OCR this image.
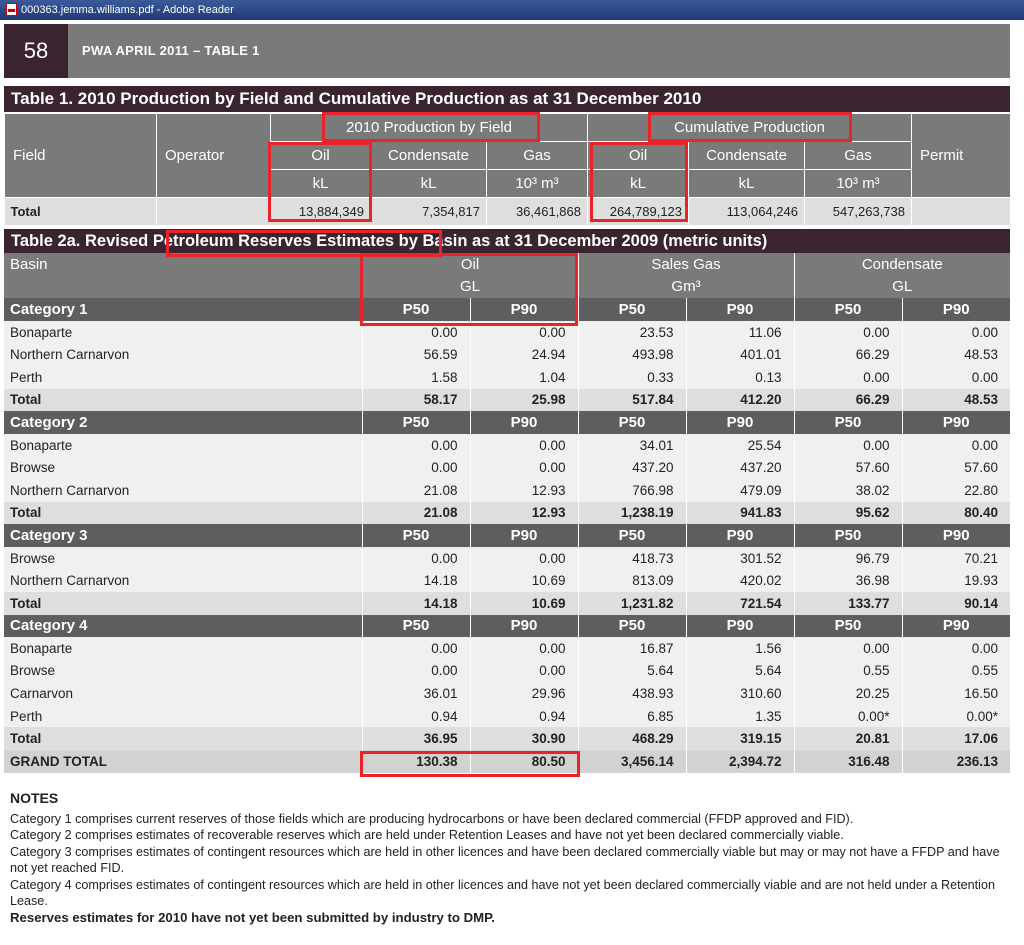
000363.jemma.williams.pdf - Adobe Reader
58	PWA APRIL 2011 – TABLE 1
Table 1. 2010 Production by Field and Cumulative Production as at 31 December 2010
Field	Operator	2010 Production by Field			Cumulative Production			Permit
		Oil	Condensate	Gas	Oil	Condensate	Gas	
		kL	kL	10³ m³	kL	kL	10³ m³	
Total		13,884,349	7,354,817	36,461,868	264,789,123	113,064,246	547,263,738	
Table 2a. Revised Petroleum Reserves Estimates by Basin as at 31 December 2009 (metric units)
Basin	Oil		Sales Gas		Condensate	
	GL		Gm³		GL	
Category 1	P50	P90	P50	P90	P50	P90
Bonaparte	0.00	0.00	23.53	11.06	0.00	0.00
Northern Carnarvon	56.59	24.94	493.98	401.01	66.29	48.53
Perth	1.58	1.04	0.33	0.13	0.00	0.00
Total	58.17	25.98	517.84	412.20	66.29	48.53
Category 2	P50	P90	P50	P90	P50	P90
Bonaparte	0.00	0.00	34.01	25.54	0.00	0.00
Browse	0.00	0.00	437.20	437.20	57.60	57.60
Northern Carnarvon	21.08	12.93	766.98	479.09	38.02	22.80
Total	21.08	12.93	1,238.19	941.83	95.62	80.40
Category 3	P50	P90	P50	P90	P50	P90
Browse	0.00	0.00	418.73	301.52	96.79	70.21
Northern Carnarvon	14.18	10.69	813.09	420.02	36.98	19.93
Total	14.18	10.69	1,231.82	721.54	133.77	90.14
Category 4	P50	P90	P50	P90	P50	P90
Bonaparte	0.00	0.00	16.87	1.56	0.00	0.00
Browse	0.00	0.00	5.64	5.64	0.55	0.55
Carnarvon	36.01	29.96	438.93	310.60	20.25	16.50
Perth	0.94	0.94	6.85	1.35	0.00*	0.00*
Total	36.95	30.90	468.29	319.15	20.81	17.06
GRAND TOTAL	130.38	80.50	3,456.14	2,394.72	316.48	236.13
NOTES

Category 1 comprises current reserves of those fields which are producing hydrocarbons or have been declared commercial (FFDP approved and FID).

Category 2 comprises estimates of recoverable reserves which are held under Retention Leases and have not yet been declared commercially viable.

Category 3 comprises estimates of contingent resources which are held in other licences and have been declared commercially viable but may or may not have a FFDP and have not yet reached FID.

Category 4 comprises estimates of contingent resources which are held in other licences and have not yet been declared commercially viable and are not held under a Retention Lease.

Reserves estimates for 2010 have not yet been submitted by industry to DMP.
